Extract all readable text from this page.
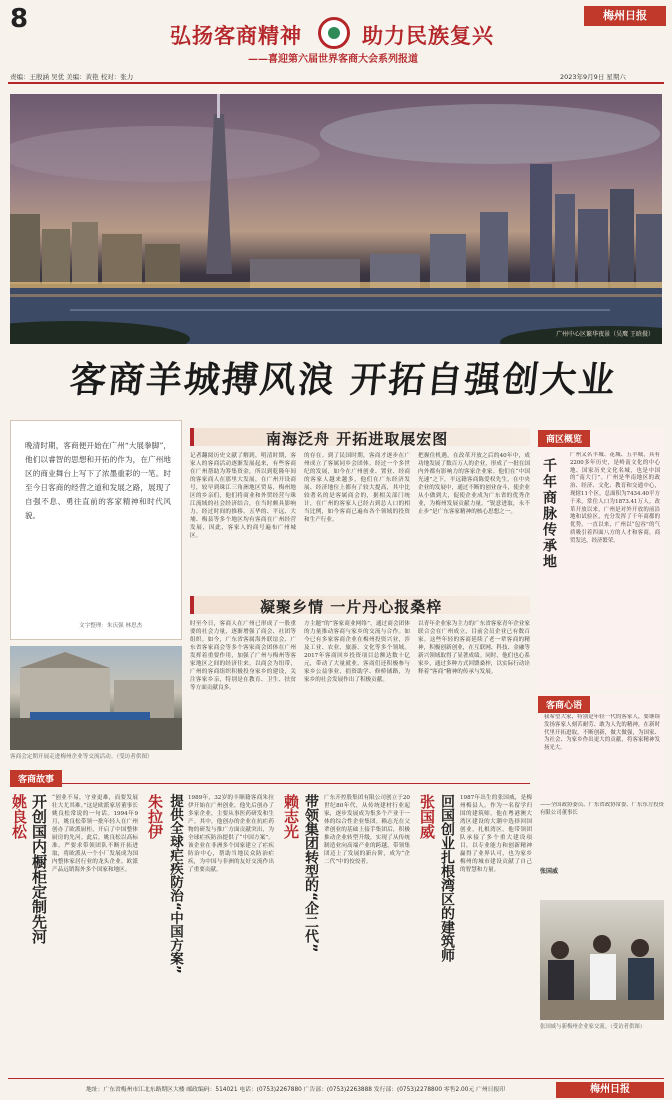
8
弘扬客商精神	助力民族复兴
——喜迎第六届世界客商大会系列报道
梅州日报
责编：王殷涵 吴优 美编：黄艳 校对：张力	2023年9月9日 星期六
广州中心区繁华夜景（吴鹰 王晗摄）
客商羊城搏风浪 开拓自强创大业
晚清时期，客商便开始在广州“大展拳脚”，他们以睿智的思想和开拓的作为，在广州地区的商业舞台上写下了浓墨重彩的一笔。时至今日客商的经营之道和发展之路，展现了自强不息、勇往直前的客家精神和时代风貌。
文字整理：朱庆强 林思杰
客商会定期开展走进梅州企业等交流活动。（受访者供图）
南海泛舟 开拓进取展宏图
记者翻阅历史文献了解到，明清时期，客家人的客商活动逐渐发展起来，有些客商在广州帮助为筹集资金，所以到乾隆年间的客家商人在那里大发展，在广州开设商号，较早到珠江三角洲地区贸易，梅州地区的乡亲们，他们将商业和外贸经营与珠江流域的社会经济结合，在当时颇具影响力。经过时间的推移，五华的、平远、大埔、梅县等多个地区均有客商在广州经营发展，因此，客家人的商号遍布广州城区。
的存在。到了民国时期，客商才逐步在广州成立了客属同乡会团体。经过一个多世纪的发展，如今在广州创业、置业、经商的客家人越来越多，他们在广东经济发展、经济地位上都有了较大提高，其中比较著名的是客属商会的，据相关部门统计，在广州的客家人已经占到总人口的相当比例，如今客商已遍布各个领域的投资和生产行业。
把握住机遇，在改革开放之后的40年中，成功地发展了数百万人的企业，形成了一批在国内外都有影响力的客家企业家。他们在“中国光速”之下，平远籍客商陈爱权先生，在中央企业的发展中，通过不断的创业奋斗，使企业从小做到大，促使企业成为广东省的优秀企业，为梅州发展贡献力量。“锐意进取，永不止步”是广东客家精神的核心思想之一。
凝聚乡情 一片丹心报桑梓
时至今日，客商人在广州已形成了一股重要的社会力量，逐渐增强了商会、社团等组织。如今，广东省客属海外联谊会、广东省客家商会等多个客家商会团体在广州发挥着重要作用，加强了广州与梅州等客家地区之间的经济往来。以商会为纽带，广州的客商组织积极投身家乡的建设，关注客家乡亲，特别是在教育、卫生、扶贫等方面贡献良多。
方主题”的“客家商业网络”，通过商会团体的力量推动客商与家乡的交流与合作。如今已有多家客商企业在梅州投资兴业，涉及工业、农业、旅游、文化等多个领域。2017年客商回乡投资项目总额达数十亿元，带动了大量就业。客商们还积极参与家乡公益事业，捐资助学、修桥铺路，为家乡的社会发展作出了积极贡献。
以青年企业家为主力的广东省客家青年企业家联合会在广州成立，目前会员企业已有数百家。这些年轻的客商延续了老一辈客商的精神，积极创新创业，在互联网、科技、金融等新兴领域取得了显著成绩。同时，他们也心系家乡，通过多种方式回馈桑梓，以实际行动诠释着“客商”精神的传承与发展。
商区概览
千年商脉传承地
广州又名羊城、花城、五羊城，具有2200多年历史，是岭南文化的中心地、国家历史文化名城，也是中国的“南大门”。广州是华南地区的政治、经济、文化、教育和交通中心，现辖11个区，总面积为7434.40平方千米，常住人口为1873.41万人。改革开放以来，广州是对外开放的前沿地和试验区，充分发挥了千年商都的优势。一直以来，广州以“包容”的气质吸引着四面八方的人才和客商，商贸发达，经济繁荣。
客商心语
我希望大家，特别是年轻一代的客家人，要继续发扬客家人刻苦耐劳、敢为人先的精神，在新时代里开拓进取，不断创新，做大做强，为国家、为社会、为家乡作出更大的贡献，将客家精神发扬光大。
客商故事
姚良松 开创国内橱柜定制先河 “创业不易，守业更难，而要发展壮大尤其难。”这是欧派家居董事长姚良松常说的一句话。1994年9月，姚良松带领一批年轻人在广州创办了欧派厨柜，开启了中国整体厨房的先河。此后，姚良松以高标准、严要求带领团队不断开拓进取，将欧派从一个小厂发展成为国内整体家居行业的龙头企业。欧派产品远销海外多个国家和地区。
朱拉伊 提供全球疟疾防治“中国方案” 1989年，32岁的丰顺籍客商朱拉伊开始在广州创业，他先后创办了多家企业，主要从事医药研发和生产。其中，他创办的企业在抗疟药物的研发与推广方面贡献突出，为全球疟疾防治提供了“中国方案”。该企业在非洲多个国家建立了疟疾防治中心，帮助当地民众防治疟疾，为中国与非洲的友好交流作出了重要贡献。
赖志光 带领集团转型的“企二代” 广东开控股集团有限公司创立于20世纪80年代，从传统建材行业起家，逐步发展成为集多个产业于一体的综合性企业集团。赖志光在父辈创业的基础上接手集团后，积极推动企业转型升级，实现了从传统制造业向高端产业的跨越，带领集团迈上了发展的新台阶，成为“企二代”中的佼佼者。
张国威 回国创业扎根湾区的建筑师 1987年出生的张国威，是梅州梅县人。作为一名留学归国的建筑师，他在粤港澳大湾区建设的大潮中选择回国创业，扎根湾区。他带领团队承接了多个重大建设项目，以专业能力和创新精神赢得了业界认可，也为家乡梅州的城市建设贡献了自己的智慧和力量。
——全国政协委员、广东省政协常委、广东东方投资有限公司董事长
张国威
张国威与新梅州企业家交流。（受访者供图）
地址：广东省梅州市江北东路期区大楼 邮政编码：514021 电话：(0753)2267880 广告部：(0753)2263888 发行部：(0753)2278800 零售2.00元 广州日报印	梅州日报
